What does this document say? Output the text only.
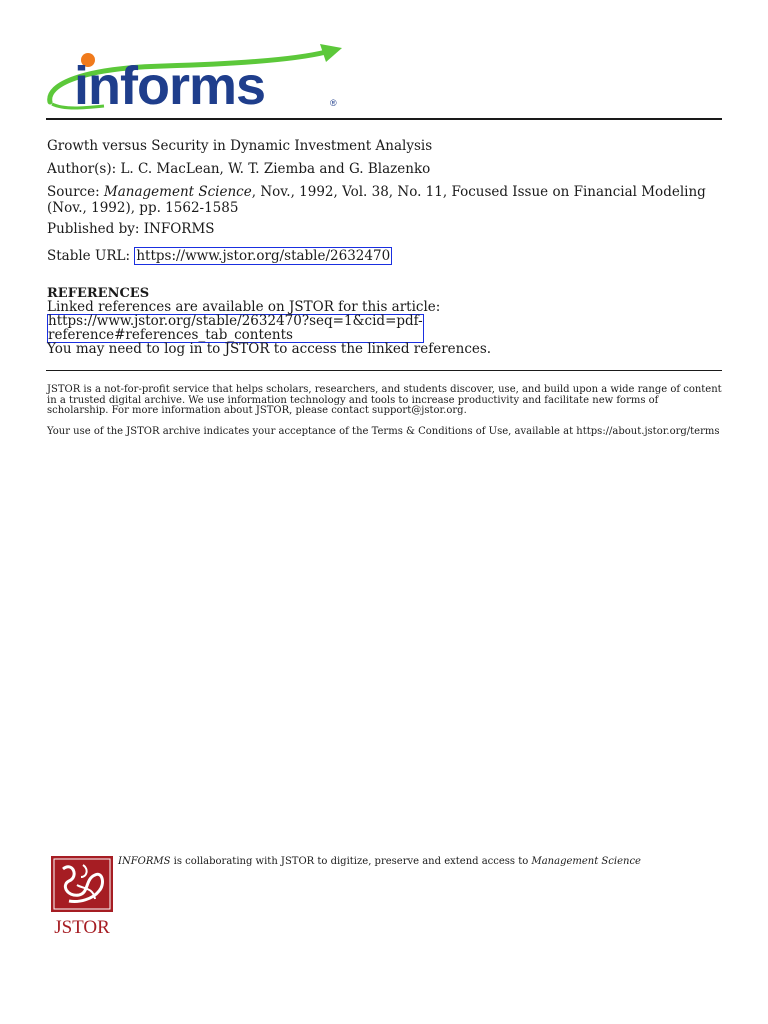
informs	®
Growth versus Security in Dynamic Investment Analysis
Author(s): L. C. MacLean, W. T. Ziemba and G. Blazenko
Source: Management Science, Nov., 1992, Vol. 38, No. 11, Focused Issue on Financial Modeling (Nov., 1992), pp. 1562-1585
Published by: INFORMS
Stable URL: https://www.jstor.org/stable/2632470
REFERENCES
Linked references are available on JSTOR for this article:
https://www.jstor.org/stable/2632470?seq=1&cid=pdf-
reference#references_tab_contents
You may need to log in to JSTOR to access the linked references.
JSTOR is a not-for-profit service that helps scholars, researchers, and students discover, use, and build upon a wide range of content in a trusted digital archive. We use information technology and tools to increase productivity and facilitate new forms of scholarship. For more information about JSTOR, please contact support@jstor.org.
Your use of the JSTOR archive indicates your acceptance of the Terms & Conditions of Use, available at https://about.jstor.org/terms
JSTOR
INFORMS is collaborating with JSTOR to digitize, preserve and extend access to Management Science
